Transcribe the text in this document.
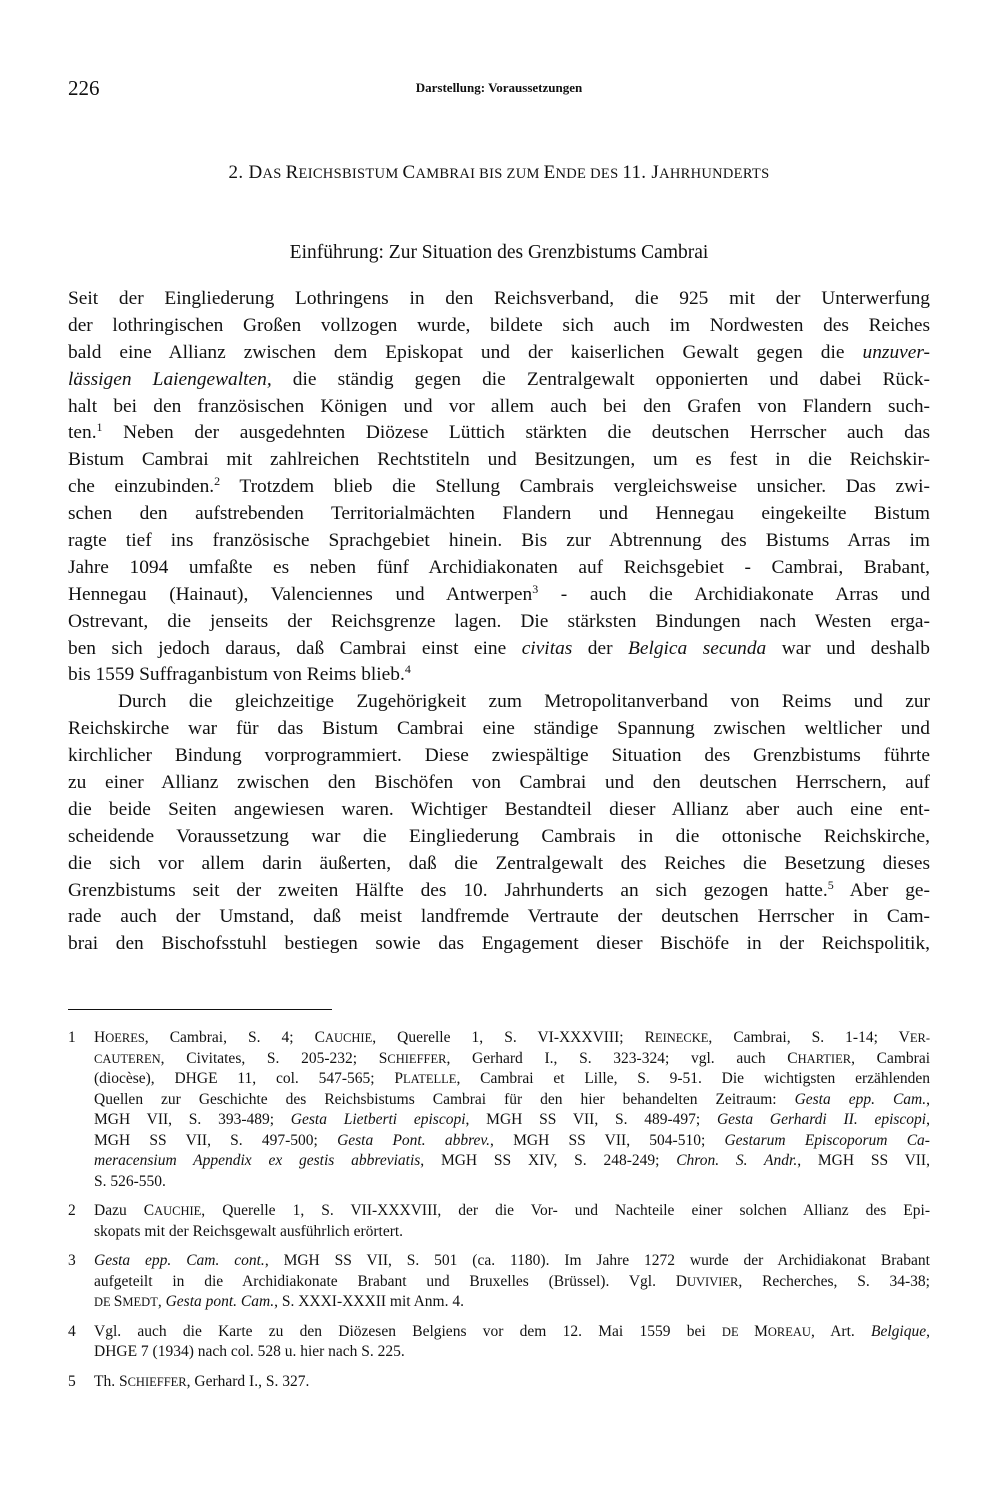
226	Darstellung: Voraussetzungen
2. DAS REICHSBISTUM CAMBRAI BIS ZUM ENDE DES 11. JAHRHUNDERTS
Einführung: Zur Situation des Grenzbistums Cambrai
Seit der Eingliederung Lothringens in den Reichsverband, die 925 mit der Unterwerfung
der lothringischen Großen vollzogen wurde, bildete sich auch im Nordwesten des Reiches
bald eine Allianz zwischen dem Episkopat und der kaiserlichen Gewalt gegen die unzuver-
lässigen Laiengewalten, die ständig gegen die Zentralgewalt opponierten und dabei Rück-
halt bei den französischen Königen und vor allem auch bei den Grafen von Flandern such-
ten.$^1$ Neben der ausgedehnten Diözese Lüttich stärkten die deutschen Herrscher auch das
Bistum Cambrai mit zahlreichen Rechtstiteln und Besitzungen, um es fest in die Reichskir-
che einzubinden.$^2$ Trotzdem blieb die Stellung Cambrais vergleichsweise unsicher. Das zwi-
schen den aufstrebenden Territorialmächten Flandern und Hennegau eingekeilte Bistum
ragte tief ins französische Sprachgebiet hinein. Bis zur Abtrennung des Bistums Arras im
Jahre 1094 umfaßte es neben fünf Archidiakonaten auf Reichsgebiet - Cambrai, Brabant,
Hennegau (Hainaut), Valenciennes und Antwerpen$^3$ - auch die Archidiakonate Arras und
Ostrevant, die jenseits der Reichsgrenze lagen. Die stärksten Bindungen nach Westen erga-
ben sich jedoch daraus, daß Cambrai einst eine civitas der Belgica secunda war und deshalb
bis 1559 Suffraganbistum von Reims blieb.$^4$
Durch die gleichzeitige Zugehörigkeit zum Metropolitanverband von Reims und zur
Reichskirche war für das Bistum Cambrai eine ständige Spannung zwischen weltlicher und
kirchlicher Bindung vorprogrammiert. Diese zwiespältige Situation des Grenzbistums führte
zu einer Allianz zwischen den Bischöfen von Cambrai und den deutschen Herrschern, auf
die beide Seiten angewiesen waren. Wichtiger Bestandteil dieser Allianz aber auch eine ent-
scheidende Voraussetzung war die Eingliederung Cambrais in die ottonische Reichskirche,
die sich vor allem darin äußerten, daß die Zentralgewalt des Reiches die Besetzung dieses
Grenzbistums seit der zweiten Hälfte des 10. Jahrhunderts an sich gezogen hatte.$^5$ Aber ge-
rade auch der Umstand, daß meist landfremde Vertraute der deutschen Herrscher in Cam-
brai den Bischofsstuhl bestiegen sowie das Engagement dieser Bischöfe in der Reichspolitik,
1 HOERES, Cambrai, S. 4; CAUCHIE, Querelle 1, S. VI-XXXVIII; REINECKE, Cambrai, S. 1-14; VER-
CAUTEREN, Civitates, S. 205-232; SCHIEFFER, Gerhard I., S. 323-324; vgl. auch CHARTIER, Cambrai
(diocèse), DHGE 11, col. 547-565; PLATELLE, Cambrai et Lille, S. 9-51. Die wichtigsten erzählenden
Quellen zur Geschichte des Reichsbistums Cambrai für den hier behandelten Zeitraum: Gesta epp. Cam.,
MGH VII, S. 393-489; Gesta Lietberti episcopi, MGH SS VII, S. 489-497; Gesta Gerhardi II. episcopi,
MGH SS VII, S. 497-500; Gesta Pont. abbrev., MGH SS VII, 504-510; Gestarum Episcoporum Ca-
meracensium Appendix ex gestis abbreviatis, MGH SS XIV, S. 248-249; Chron. S. Andr., MGH SS VII,
S. 526-550.
2 Dazu CAUCHIE, Querelle 1, S. VII-XXXVIII, der die Vor- und Nachteile einer solchen Allianz des Epi-
skopats mit der Reichsgewalt ausführlich erörtert.
3 Gesta epp. Cam. cont., MGH SS VII, S. 501 (ca. 1180). Im Jahre 1272 wurde der Archidiakonat Brabant
aufgeteilt in die Archidiakonate Brabant und Bruxelles (Brüssel). Vgl. DUVIVIER, Recherches, S. 34-38;
DE SMEDT, Gesta pont. Cam., S. XXXI-XXXII mit Anm. 4.
4 Vgl. auch die Karte zu den Diözesen Belgiens vor dem 12. Mai 1559 bei DE MOREAU, Art. Belgique,
DHGE 7 (1934) nach col. 528 u. hier nach S. 225.
5 Th. SCHIEFFER, Gerhard I., S. 327.
